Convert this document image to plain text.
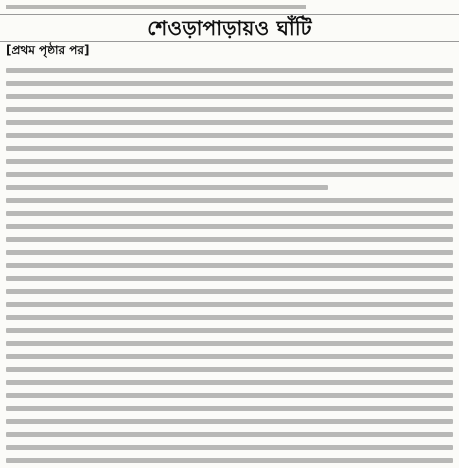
শেওড়াপাড়ায়ও ঘাঁটি
[প্রথম পৃষ্ঠার পর]
